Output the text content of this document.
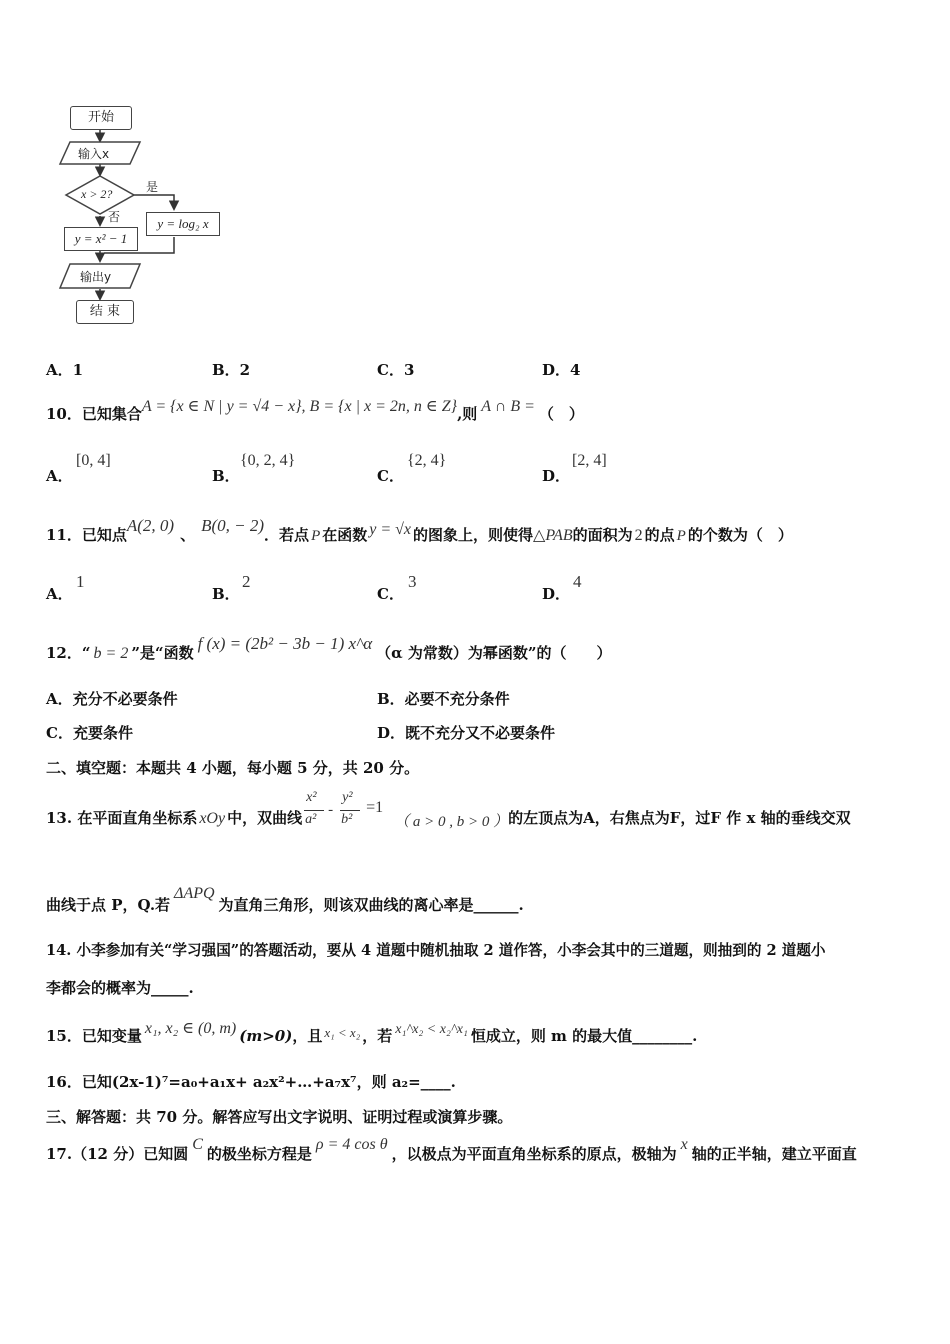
开始
输入x
x > 2?	是
否	y = log₂ x
y = x² − 1
输出y
结 束
A．1	B．2	C．3	D．4
10．已知集合A = {x ∈ N | y = √4 − x}, B = {x | x = 2n, n ∈ Z},则 A ∩ B = （　）
A．
[0, 4]
B．
{0, 2, 4}
C．
{2, 4}
D．
[2, 4]
11．已知点A(2, 0) 、 B(0, − 2)．若点 P 在函数 y = √x 的图象上，则使得△PAB的面积为 2 的点 P 的个数为（　）
A．
1
B．
2
C．
3
D．
4
12．“ b = 2 ”是“函数 f (x) = (2b² − 3b − 1) x^α （α 为常数）为幂函数”的（　　）
A．充分不必要条件	B．必要不充分条件
C．充要条件	D．既不充分又不必要条件
二、填空题：本题共 4 小题，每小题 5 分，共 20 分。
13. 在平面直角坐标系 xOy 中，双曲线
x²
a²
-
y²
b²
=1
（ a > 0 , b > 0 ）的左顶点为A，右焦点为F，过F 作 x 轴的垂线交双
曲线于点 P，Q.若ΔAPQ为直角三角形，则该双曲线的离心率是______.
14. 小李参加有关“学习强国”的答题活动，要从 4 道题中随机抽取 2 道作答，小李会其中的三道题，则抽到的 2 道题小
李都会的概率为_____.
15．已知变量 x₁, x₂ ∈ (0, m) (m>0)，且 x₁ < x₂ ，若 x₁^x₂ < x₂^x₁ 恒成立，则 m 的最大值________.
16．已知(2x-1)⁷=a₀+a₁x+ a₂x²+…+a₇x⁷，则 a₂=____.
三、解答题：共 70 分。解答应写出文字说明、证明过程或演算步骤。
17.（12 分）已知圆C的极坐标方程是ρ = 4 cos θ，以极点为平面直角坐标系的原点，极轴为x轴的正半轴，建立平面直
